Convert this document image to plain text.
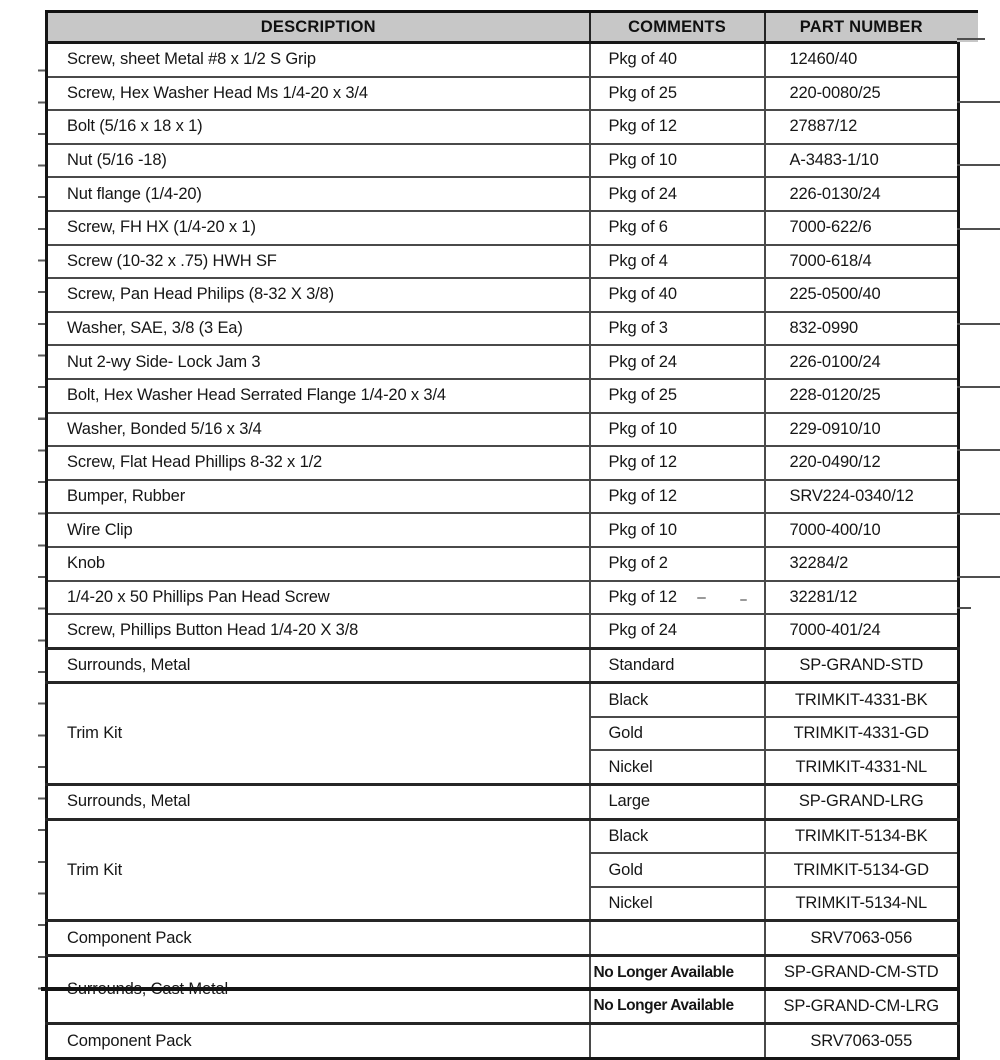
DESCRIPTION	COMMENTS	PART NUMBER
Screw, sheet Metal #8 x 1/2 S Grip	Pkg of 40	12460/40
Screw, Hex Washer Head Ms 1/4-20 x 3/4	Pkg of 25	220-0080/25
Bolt (5/16 x 18 x 1)	Pkg of 12	27887/12
Nut (5/16 -18)	Pkg of 10	A-3483-1/10
Nut flange (1/4-20)	Pkg of 24	226-0130/24
Screw, FH HX (1/4-20 x 1)	Pkg of 6	7000-622/6
Screw (10-32 x .75) HWH SF	Pkg of 4	7000-618/4
Screw, Pan Head Philips (8-32 X 3/8)	Pkg of 40	225-0500/40
Washer, SAE, 3/8 (3 Ea)	Pkg of 3	832-0990
Nut 2-wy Side- Lock Jam 3	Pkg of 24	226-0100/24
Bolt, Hex Washer Head Serrated Flange 1/4-20 x 3/4	Pkg of 25	228-0120/25
Washer, Bonded 5/16 x 3/4	Pkg of 10	229-0910/10
Screw, Flat Head Phillips 8-32 x 1/2	Pkg of 12	220-0490/12
Bumper, Rubber	Pkg of 12	SRV224-0340/12
Wire Clip	Pkg of 10	7000-400/10
Knob	Pkg of 2	32284/2
1/4-20 x 50 Phillips Pan Head Screw	Pkg of 12	32281/12
Screw, Phillips Button Head 1/4-20 X 3/8	Pkg of 24	7000-401/24
Surrounds, Metal	Standard	SP-GRAND-STD
Trim Kit	Black	TRIMKIT-4331-BK
	Gold	TRIMKIT-4331-GD
	Nickel	TRIMKIT-4331-NL
Surrounds, Metal	Large	SP-GRAND-LRG
Trim Kit	Black	TRIMKIT-5134-BK
	Gold	TRIMKIT-5134-GD
	Nickel	TRIMKIT-5134-NL
Component Pack		SRV7063-056
	No Longer Available	SP-GRAND-CM-STD
	No Longer Available	SP-GRAND-CM-LRG
Component Pack		SRV7063-055
